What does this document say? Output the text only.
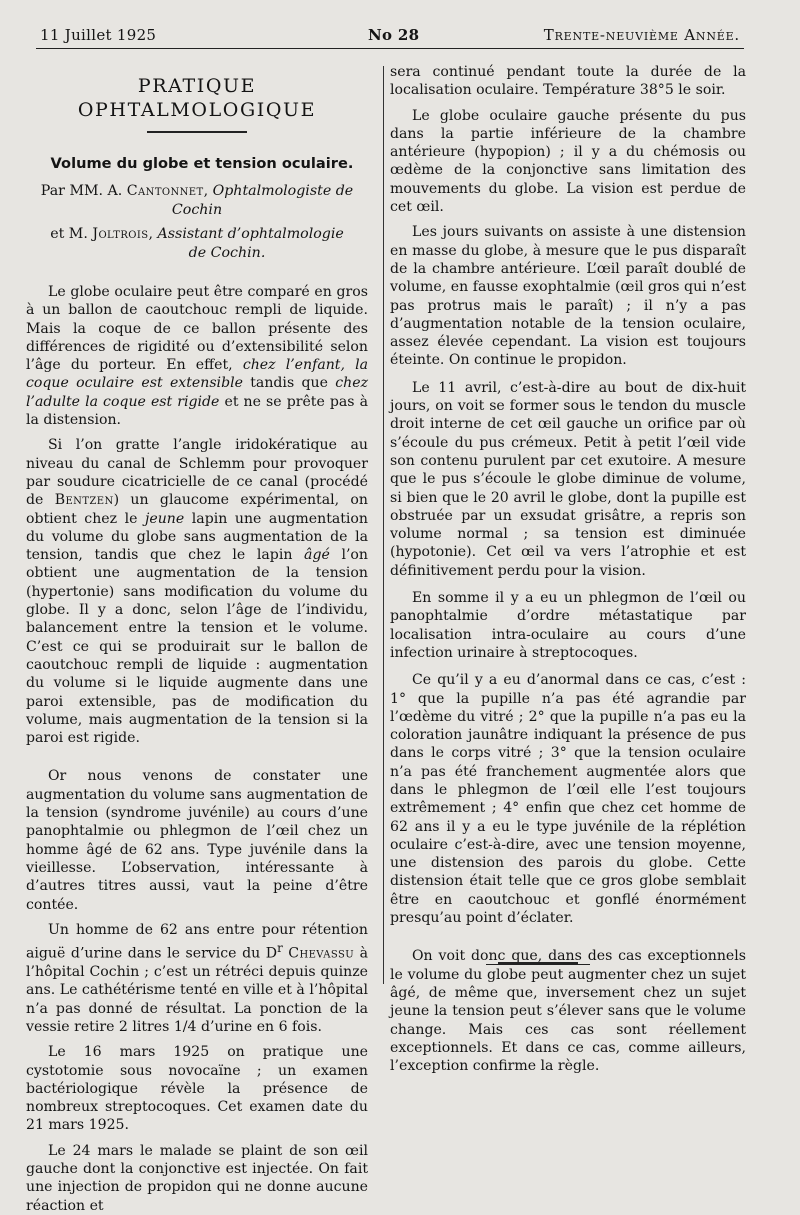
11 Juillet 1925	No 28	Trente-neuvième Année.
PRATIQUE OPHTALMOLOGIQUE
Volume du globe et tension oculaire.
Par MM. A. Cantonnet, Ophtalmologiste de Cochin
et M. Joltrois, Assistant d’ophtalmologie
de Cochin.

Le globe oculaire peut être comparé en gros à un ballon de caoutchouc rempli de liquide. Mais la coque de ce ballon présente des différences de rigidité ou d’extensibilité selon l’âge du porteur. En effet, chez l’enfant, la coque oculaire est extensible tandis que chez l’adulte la coque est rigide et ne se prête pas à la distension.

Si l’on gratte l’angle iridokératique au niveau du canal de Schlemm pour provoquer par soudure cicatricielle de ce canal (procédé de Bentzen) un glaucome expérimental, on obtient chez le jeune lapin une augmentation du volume du globe sans augmentation de la tension, tandis que chez le lapin âgé l’on obtient une augmentation de la tension (hypertonie) sans modification du volume du globe. Il y a donc, selon l’âge de l’individu, balancement entre la tension et le volume. C’est ce qui se produirait sur le ballon de caoutchouc rempli de liquide : augmentation du volume si le liquide augmente dans une paroi extensible, pas de modification du volume, mais augmentation de la tension si la paroi est rigide.

Or nous venons de constater une augmentation du volume sans augmentation de la tension (syndrome juvénile) au cours d’une panophtalmie ou phlegmon de l’œil chez un homme âgé de 62 ans. Type juvénile dans la vieillesse. L’observation, intéressante à d’autres titres aussi, vaut la peine d’être contée.

Un homme de 62 ans entre pour rétention aiguë d’urine dans le service du $D^r$ Chevassu à l’hôpital Cochin ; c’est un rétréci depuis quinze ans. Le cathétérisme tenté en ville et à l’hôpital n’a pas donné de résultat. La ponction de la vessie retire 2 litres 1/4 d’urine en 6 fois.

Le 16 mars 1925 on pratique une cystotomie sous novocaïne ; un examen bactériologique révèle la présence de nombreux streptocoques. Cet examen date du 21 mars 1925.

Le 24 mars le malade se plaint de son œil gauche dont la conjonctive est injectée. On fait une injection de propidon qui ne donne aucune réaction et

sera continué pendant toute la durée de la localisation oculaire. Température 38°5 le soir.

Le globe oculaire gauche présente du pus dans la partie inférieure de la chambre antérieure (hypopion) ; il y a du chémosis ou œdème de la conjonctive sans limitation des mouvements du globe. La vision est perdue de cet œil.

Les jours suivants on assiste à une distension en masse du globe, à mesure que le pus disparaît de la chambre antérieure. L’œil paraît doublé de volume, en fausse exophtalmie (œil gros qui n’est pas protrus mais le paraît) ; il n’y a pas d’augmentation notable de la tension oculaire, assez élevée cependant. La vision est toujours éteinte. On continue le propidon.

Le 11 avril, c’est-à-dire au bout de dix-huit jours, on voit se former sous le tendon du muscle droit interne de cet œil gauche un orifice par où s’écoule du pus crémeux. Petit à petit l’œil vide son contenu purulent par cet exutoire. A mesure que le pus s’écoule le globe diminue de volume, si bien que le 20 avril le globe, dont la pupille est obstruée par un exsudat grisâtre, a repris son volume normal ; sa tension est diminuée (hypotonie). Cet œil va vers l’atrophie et est définitivement perdu pour la vision.

En somme il y a eu un phlegmon de l’œil ou panophtalmie d’ordre métastatique par localisation intra-oculaire au cours d’une infection urinaire à streptocoques.

Ce qu’il y a eu d’anormal dans ce cas, c’est : 1° que la pupille n’a pas été agrandie par l’œdème du vitré ; 2° que la pupille n’a pas eu la coloration jaunâtre indiquant la présence de pus dans le corps vitré ; 3° que la tension oculaire n’a pas été franchement augmentée alors que dans le phlegmon de l’œil elle l’est toujours extrêmement ; 4° enfin que chez cet homme de 62 ans il y a eu le type juvénile de la réplétion oculaire c’est-à-dire, avec une tension moyenne, une distension des parois du globe. Cette distension était telle que ce gros globe semblait être en caoutchouc et gonflé énormément presqu’au point d’éclater.

On voit donc que, dans des cas exceptionnels le volume du globe peut augmenter chez un sujet âgé, de même que, inversement chez un sujet jeune la tension peut s’élever sans que le volume change. Mais ces cas sont réellement exceptionnels. Et dans ce cas, comme ailleurs, l’exception confirme la règle.
